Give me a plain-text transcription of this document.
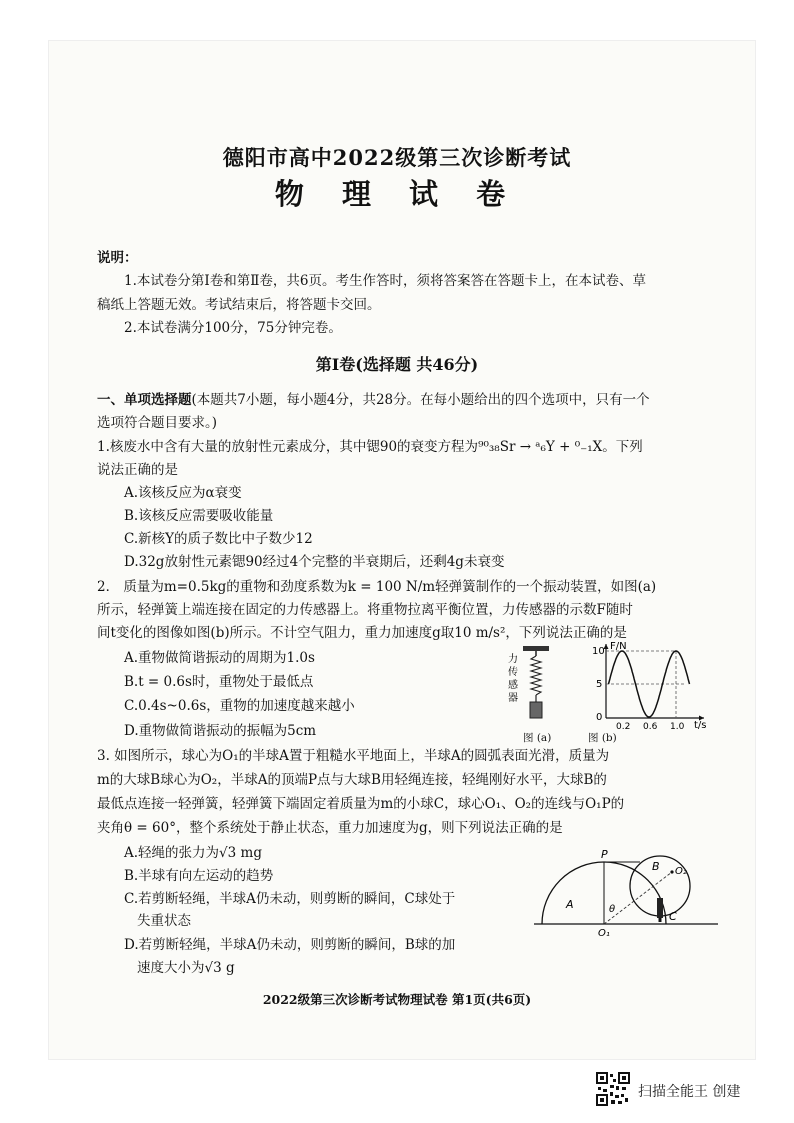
德阳市高中2022级第三次诊断考试
物 理 试 卷
说明：
1.本试卷分第Ⅰ卷和第Ⅱ卷，共6页。考生作答时，须将答案答在答题卡上，在本试卷、草
稿纸上答题无效。考试结束后，将答题卡交回。
2.本试卷满分100分，75分钟完卷。
第Ⅰ卷(选择题 共46分)
一、单项选择题(本题共7小题，每小题4分，共28分。在每小题给出的四个选项中，只有一个
选项符合题目要求。)
1.核废水中含有大量的放射性元素成分，其中锶90的衰变方程为⁹⁰₃₈Sr → ᵃ₆Y + ⁰₋₁X。下列
说法正确的是
A.该核反应为α衰变
B.该核反应需要吸收能量
C.新核Y的质子数比中子数少12
D.32g放射性元素锶90经过4个完整的半衰期后，还剩4g未衰变
2． 质量为m=0.5kg的重物和劲度系数为k = 100 N/m轻弹簧制作的一个振动装置，如图(a)
所示，轻弹簧上端连接在固定的力传感器上。将重物拉离平衡位置，力传感器的示数F随时
间t变化的图像如图(b)所示。不计空气阻力，重力加速度g取10 m/s²，下列说法正确的是
A.重物做简谐振动的周期为1.0s
B.t = 0.6s时，重物处于最低点
C.0.4s~0.6s，重物的加速度越来越小
D.重物做简谐振动的振幅为5cm
力
传
感
器
图 (a)	图 (b)
F/N
t/s
10
5
0
0.2 0.6 1.0
3. 如图所示，球心为O₁的半球A置于粗糙水平地面上，半球A的圆弧表面光滑，质量为
m的大球B球心为O₂，半球A的顶端P点与大球B用轻绳连接，轻绳刚好水平，大球B的
最低点连接一轻弹簧，轻弹簧下端固定着质量为m的小球C，球心O₁、O₂的连线与O₁P的
夹角θ = 60°，整个系统处于静止状态，重力加速度为g，则下列说法正确的是
A.轻绳的张力为√3 mg
B.半球有向左运动的趋势
C.若剪断轻绳，半球A仍未动，则剪断的瞬间，C球处于
失重状态
D.若剪断轻绳，半球A仍未动，则剪断的瞬间，B球的加
速度大小为√3 g
P
B O₂
A	θ
C
O₁
2022级第三次诊断考试物理试卷 第1页(共6页)
扫描全能王 创建
